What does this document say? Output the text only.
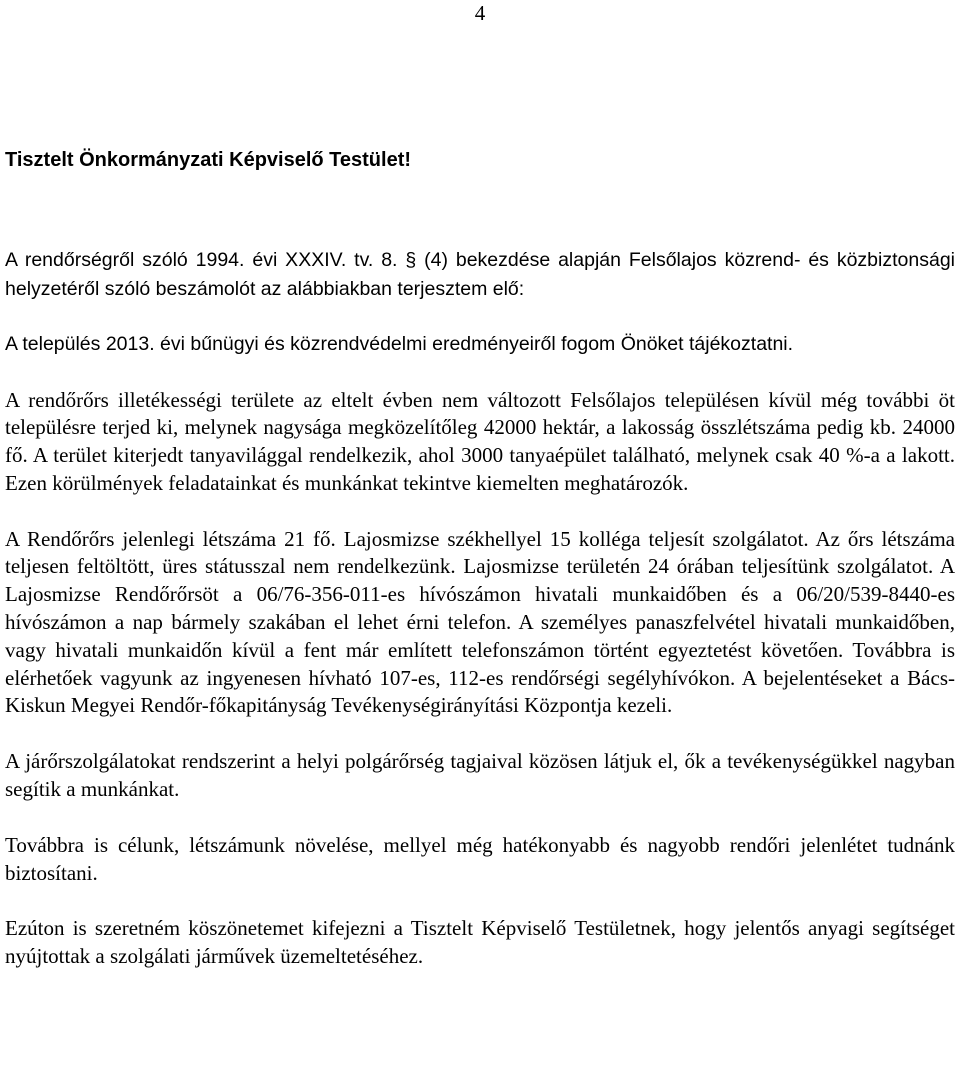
4
Tisztelt Önkormányzati Képviselő Testület!

A rendőrségről szóló 1994. évi XXXIV. tv. 8. § (4) bekezdése alapján Felsőlajos közrend- és közbiztonsági helyzetéről szóló beszámolót az alábbiakban terjesztem elő:

A település 2013. évi bűnügyi és közrendvédelmi eredményeiről fogom Önöket tájékoztatni.

A rendőrőrs illetékességi területe az eltelt évben nem változott Felsőlajos településen kívül még további öt településre terjed ki, melynek nagysága megközelítőleg 42000 hektár, a lakosság összlétszáma pedig kb. 24000 fő. A terület kiterjedt tanyavilággal rendelkezik, ahol 3000 tanyaépület található, melynek csak 40 %-a a lakott. Ezen körülmények feladatainkat és munkánkat tekintve kiemelten meghatározók.

A Rendőrőrs jelenlegi létszáma 21 fő. Lajosmizse székhellyel 15 kolléga teljesít szolgálatot. Az őrs létszáma teljesen feltöltött, üres státusszal nem rendelkezünk. Lajosmizse területén 24 órában teljesítünk szolgálatot. A Lajosmizse Rendőrőrsöt a 06/76-356-011-es hívószámon hivatali munkaidőben és a 06/20/539-8440-es hívószámon a nap bármely szakában el lehet érni telefon. A személyes panaszfelvétel hivatali munkaidőben, vagy hivatali munkaidőn kívül a fent már említett telefonszámon történt egyeztetést követően. Továbbra is elérhetőek vagyunk az ingyenesen hívható 107-es, 112-es rendőrségi segélyhívókon. A bejelentéseket a Bács-Kiskun Megyei Rendőr-főkapitányság Tevékenységirányítási Központja kezeli.

A járőrszolgálatokat rendszerint a helyi polgárőrség tagjaival közösen látjuk el, ők a tevékenységükkel nagyban segítik a munkánkat.

Továbbra is célunk, létszámunk növelése, mellyel még hatékonyabb és nagyobb rendőri jelenlétet tudnánk biztosítani.

Ezúton is szeretném köszönetemet kifejezni a Tisztelt Képviselő Testületnek, hogy jelentős anyagi segítséget nyújtottak a szolgálati járművek üzemeltetéséhez.
